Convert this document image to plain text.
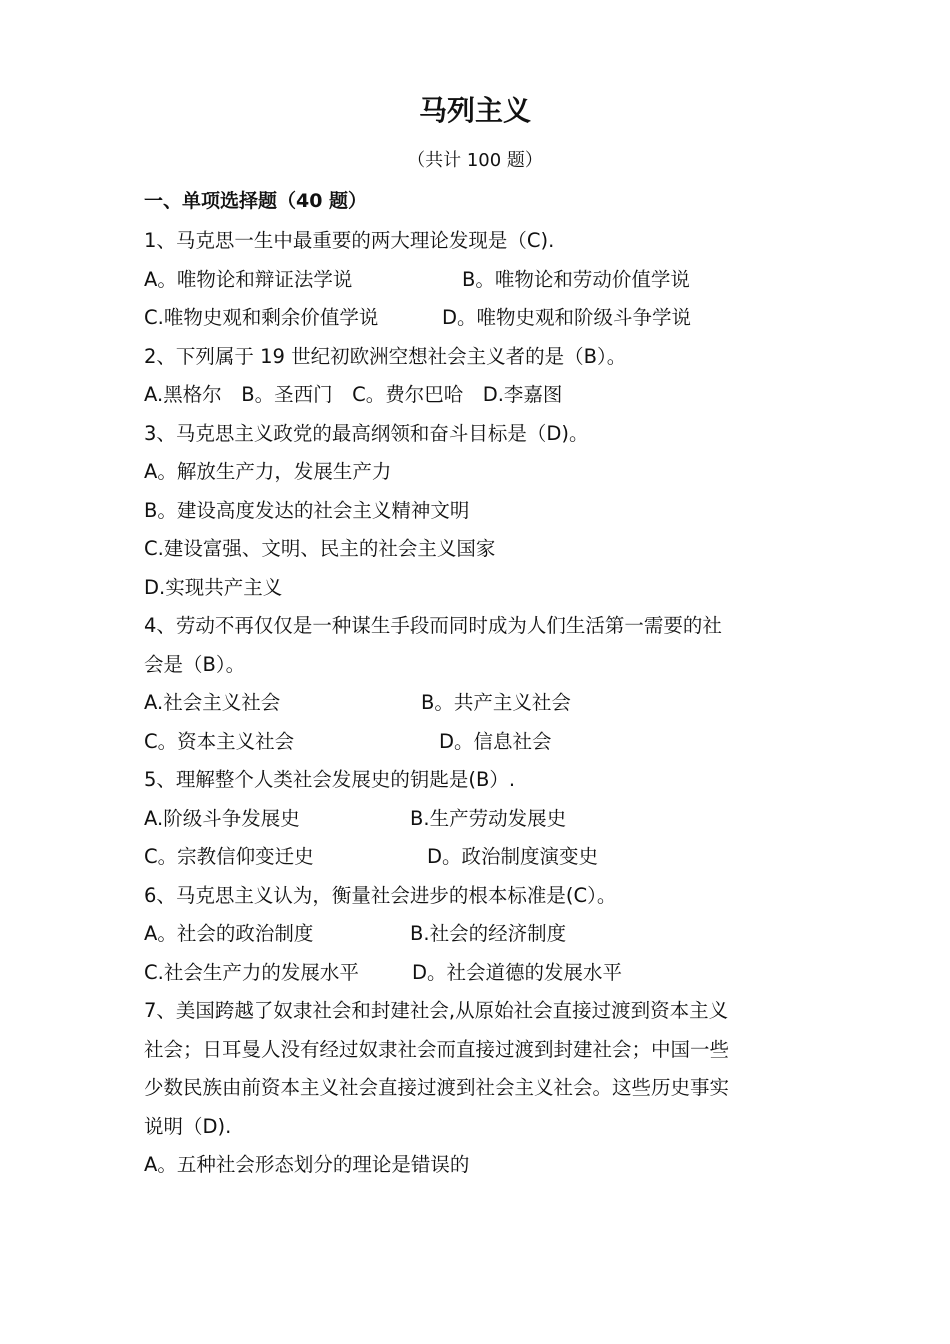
马列主义
（共计 100 题）
一、单项选择题（40 题）
1、马克思一生中最重要的两大理论发现是（C).
A。唯物论和辩证法学说	B。唯物论和劳动价值学说
C.唯物史观和剩余价值学说	D。唯物史观和阶级斗争学说
2、下列属于 19 世纪初欧洲空想社会主义者的是（B）。
A.黑格尔　B。圣西门　C。费尔巴哈　D.李嘉图
3、马克思主义政党的最高纲领和奋斗目标是（D)。
A。解放生产力，发展生产力
B。建设高度发达的社会主义精神文明
C.建设富强、文明、民主的社会主义国家
D.实现共产主义
4、劳动不再仅仅是一种谋生手段而同时成为人们生活第一需要的社
会是（B）。
A.社会主义社会	B。共产主义社会
C。资本主义社会	D。信息社会
5、理解整个人类社会发展史的钥匙是(B）.
A.阶级斗争发展史	B.生产劳动发展史
C。宗教信仰变迁史	D。政治制度演变史
6、马克思主义认为，衡量社会进步的根本标准是(C）。
A。社会的政治制度	B.社会的经济制度
C.社会生产力的发展水平	D。社会道德的发展水平
7、美国跨越了奴隶社会和封建社会,从原始社会直接过渡到资本主义
社会；日耳曼人没有经过奴隶社会而直接过渡到封建社会；中国一些
少数民族由前资本主义社会直接过渡到社会主义社会。这些历史事实
说明（D).
A。五种社会形态划分的理论是错误的
